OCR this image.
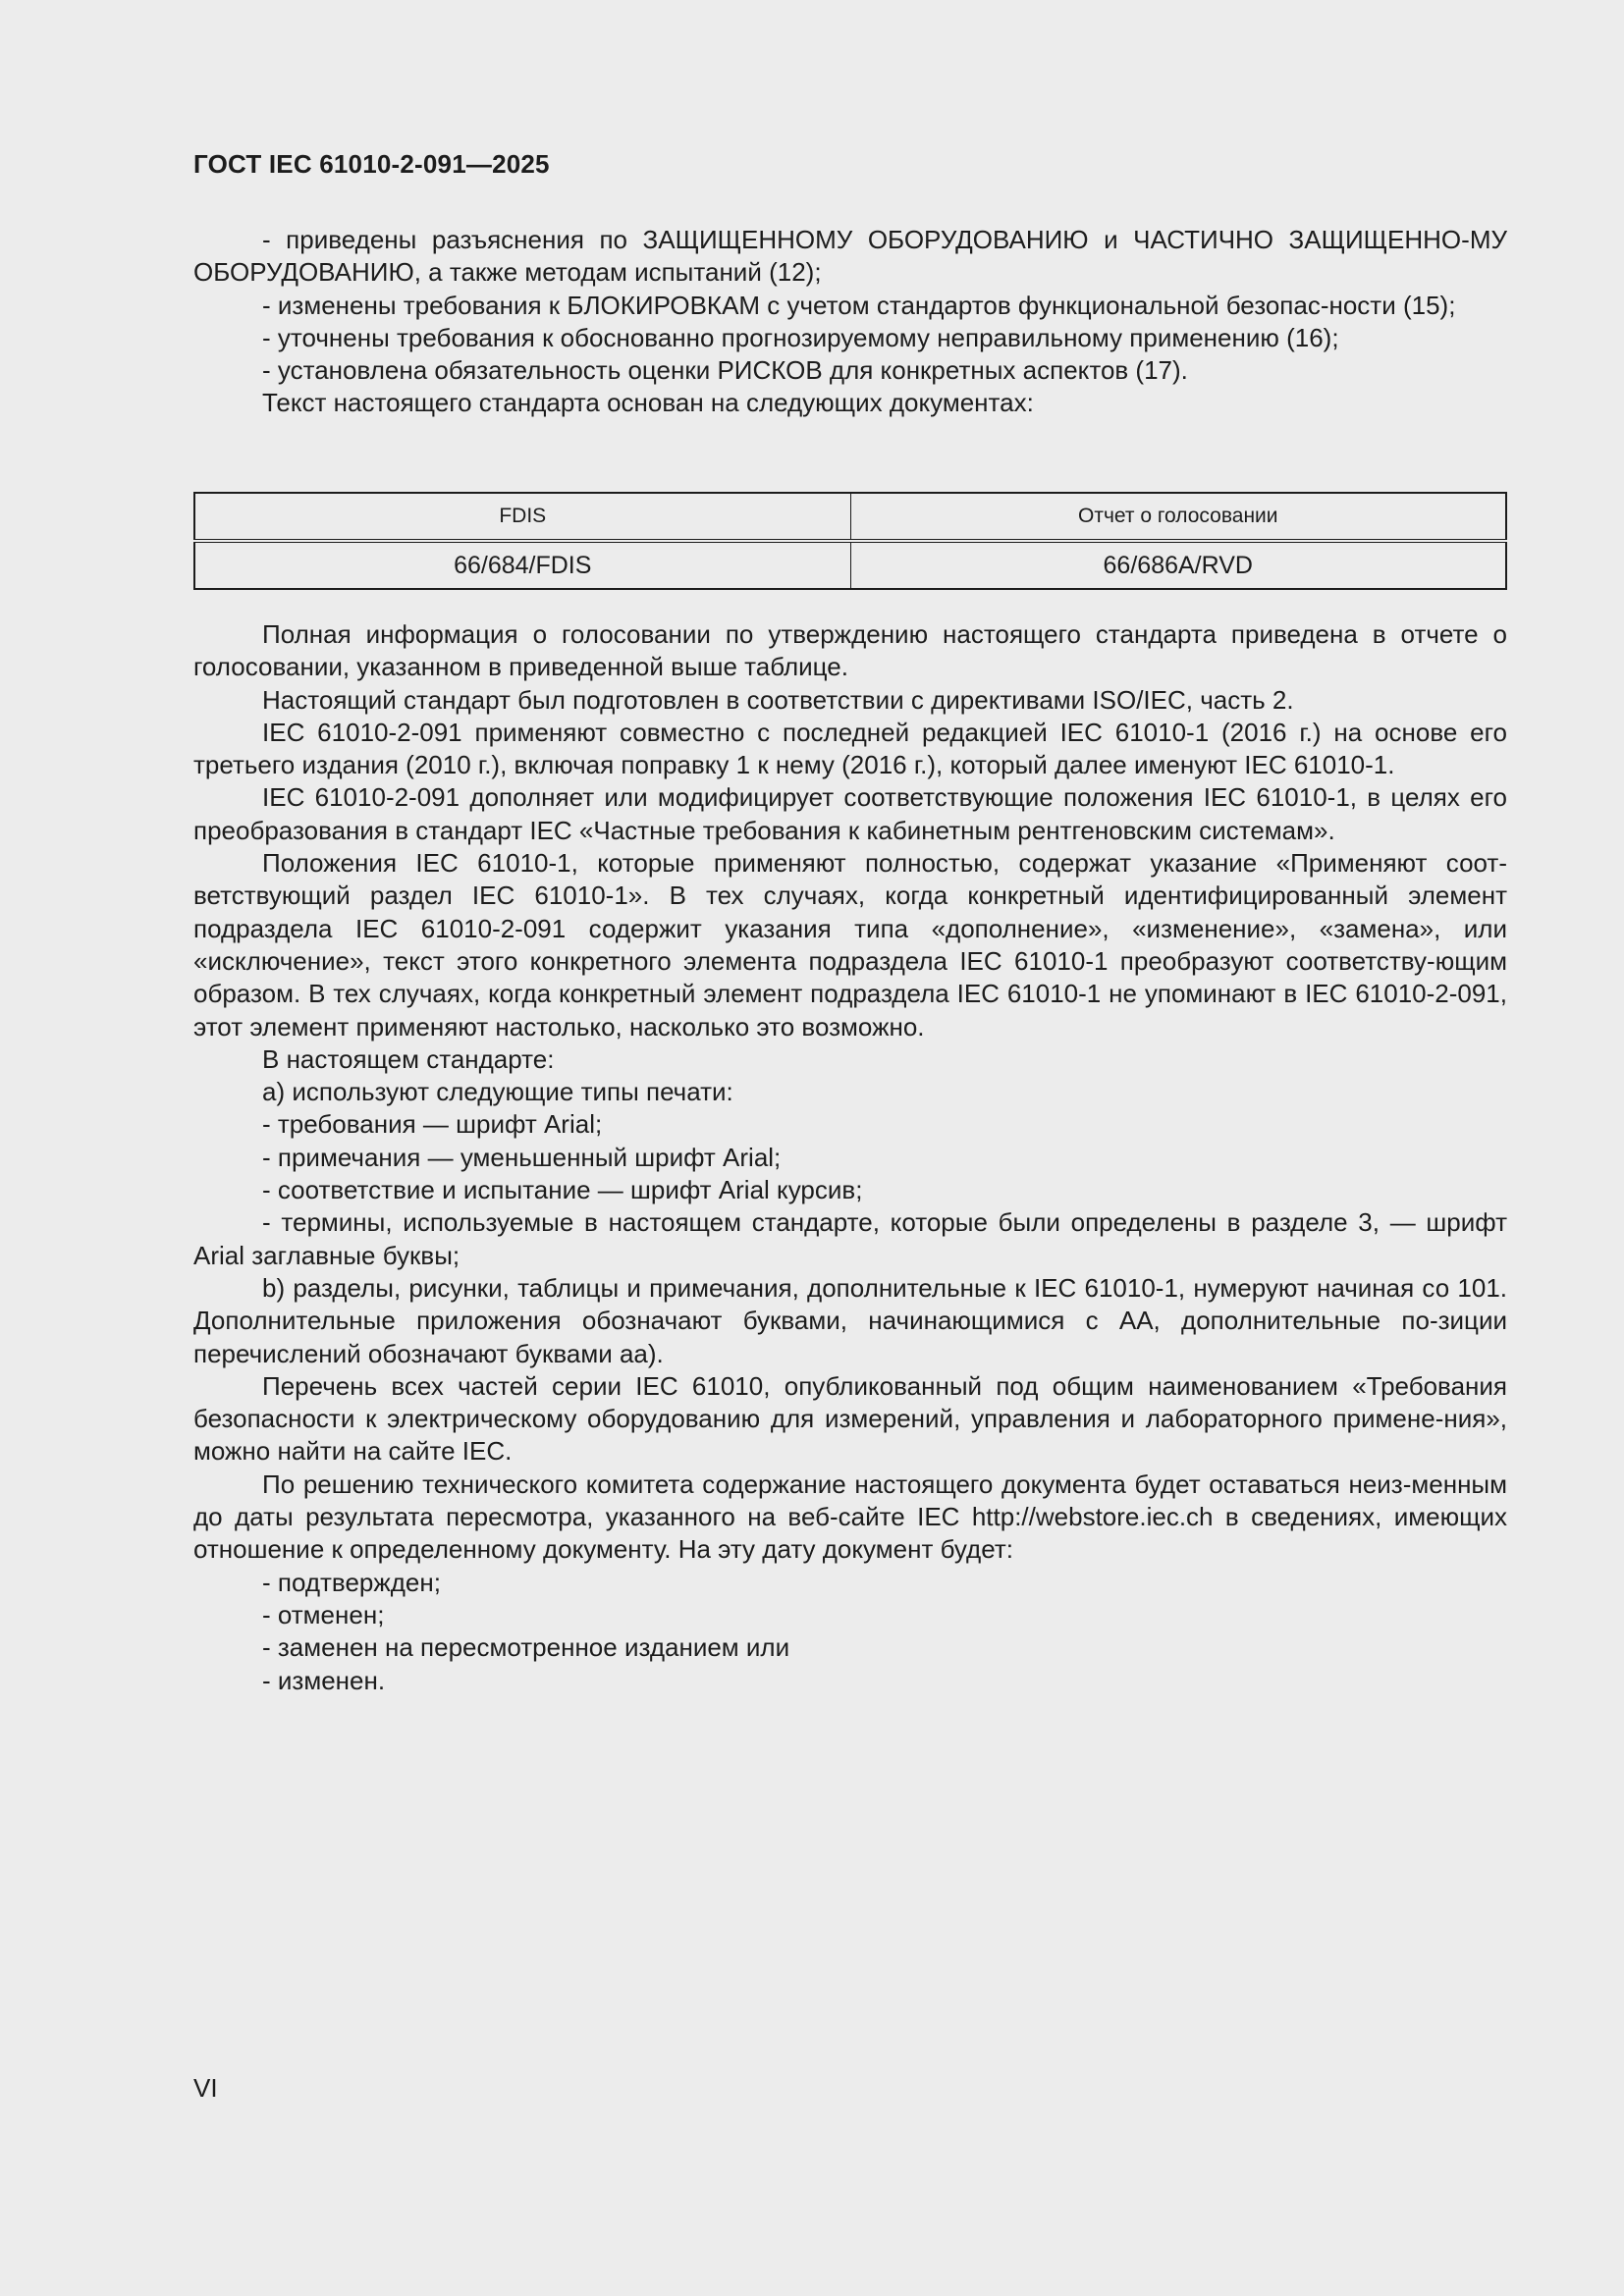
ГОСТ IEC 61010-2-091—2025

- приведены разъяснения по ЗАЩИЩЕННОМУ ОБОРУДОВАНИЮ и ЧАСТИЧНО ЗАЩИЩЕННО-МУ ОБОРУДОВАНИЮ, а также методам испытаний (12);

- изменены требования к БЛОКИРОВКАМ с учетом стандартов функциональной безопас-ности (15);

- уточнены требования к обоснованно прогнозируемому неправильному применению (16);

- установлена обязательность оценки РИСКОВ для конкретных аспектов (17).

Текст настоящего стандарта основан на следующих документах:

FDIS	Отчет о голосовании
66/684/FDIS	66/686A/RVD

Полная информация о голосовании по утверждению настоящего стандарта приведена в отчете о голосовании, указанном в приведенной выше таблице.

Настоящий стандарт был подготовлен в соответствии с директивами ISO/IEC, часть 2.

IEC 61010-2-091 применяют совместно с последней редакцией IEC 61010-1 (2016 г.) на основе его третьего издания (2010 г.), включая поправку 1 к нему (2016 г.), который далее именуют IEC 61010-1.

IEC 61010-2-091 дополняет или модифицирует соответствующие положения IEC 61010-1, в целях его преобразования в стандарт IEC «Частные требования к кабинетным рентгеновским системам».

Положения IEC 61010-1, которые применяют полностью, содержат указание «Применяют соот-ветствующий раздел IEC 61010-1». В тех случаях, когда конкретный идентифицированный элемент подраздела IEC 61010-2-091 содержит указания типа «дополнение», «изменение», «замена», или «исключение», текст этого конкретного элемента подраздела IEC 61010-1 преобразуют соответству-ющим образом. В тех случаях, когда конкретный элемент подраздела IEC 61010-1 не упоминают в IEC 61010-2-091, этот элемент применяют настолько, насколько это возможно.

В настоящем стандарте:

a) используют следующие типы печати:

- требования — шрифт Arial;

- примечания — уменьшенный шрифт Arial;

- соответствие и испытание — шрифт Arial курсив;

- термины, используемые в настоящем стандарте, которые были определены в разделе 3, — шрифт Arial заглавные буквы;

b) разделы, рисунки, таблицы и примечания, дополнительные к IEC 61010-1, нумеруют начиная со 101. Дополнительные приложения обозначают буквами, начинающимися с АА, дополнительные по-зиции перечислений обозначают буквами аа).

Перечень всех частей серии IEC 61010, опубликованный под общим наименованием «Требования безопасности к электрическому оборудованию для измерений, управления и лабораторного примене-ния», можно найти на сайте IEC.

По решению технического комитета содержание настоящего документа будет оставаться неиз-менным до даты результата пересмотра, указанного на веб-сайте IEC http://webstore.iec.ch в сведениях, имеющих отношение к определенному документу. На эту дату документ будет:

- подтвержден;

- отменен;

- заменен на пересмотренное изданием или

- изменен.

VI
